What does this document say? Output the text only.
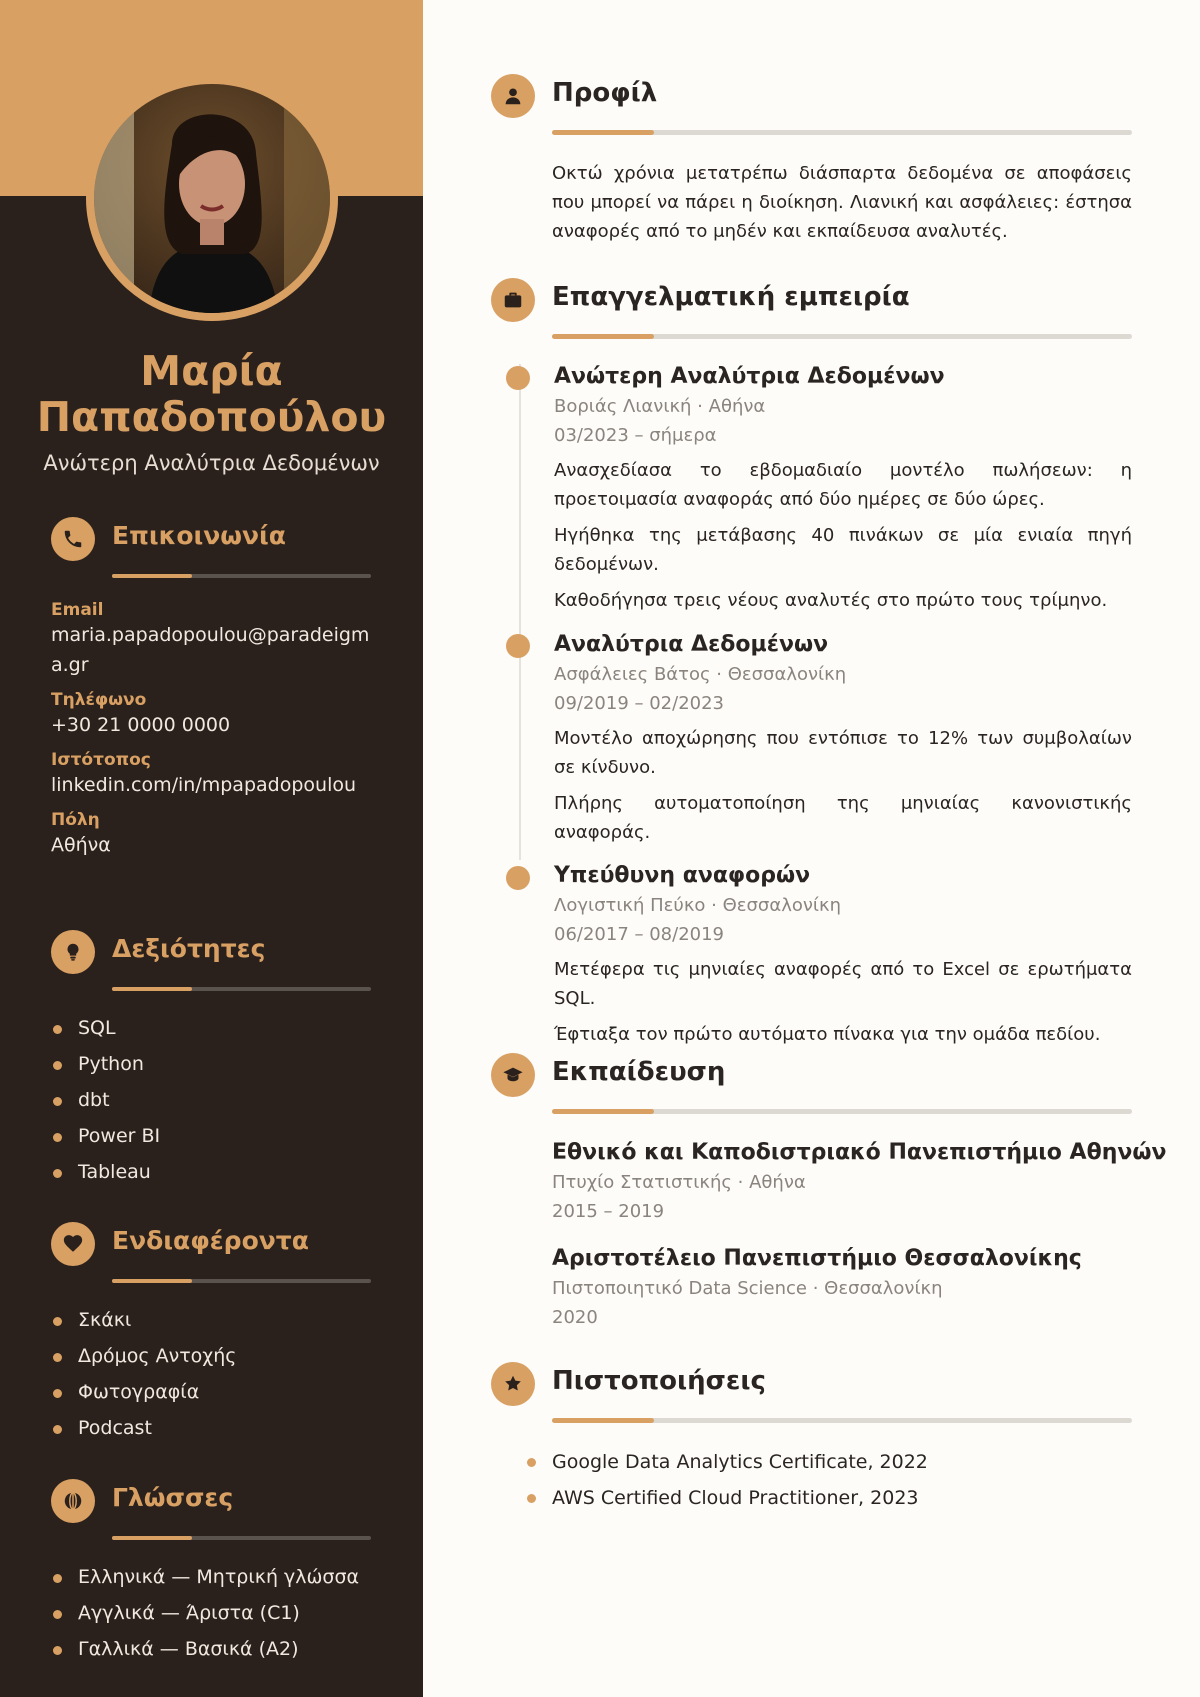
Μαρία
Παπαδοπούλου
Ανώτερη Αναλύτρια Δεδομένων
Επικοινωνία
Email
maria.papadopoulou@paradeigma.gr
Τηλέφωνο
+30 21 0000 0000
Ιστότοπος
linkedin.com/in/mpapadopoulou
Πόλη
Αθήνα
Δεξιότητες
SQL
Python
dbt
Power BI
Tableau
Ενδιαφέροντα
Σκάκι
Δρόμος Αντοχής
Φωτογραφία
Podcast
Γλώσσες
Ελληνικά — Μητρική γλώσσα
Αγγλικά — Άριστα (C1)
Γαλλικά — Βασικά (A2)
Προφίλ
Οκτώ χρόνια μετατρέπω διάσπαρτα δεδομένα σε αποφάσεις που μπορεί να πάρει η διοίκηση. Λιανική και ασφάλειες: έστησα αναφορές από το μηδέν και εκπαίδευσα αναλυτές.
Επαγγελματική εμπειρία
Ανώτερη Αναλύτρια Δεδομένων
Βοριάς Λιανική · Αθήνα
03/2023 – σήμερα
Ανασχεδίασα το εβδομαδιαίο μοντέλο πωλήσεων: η προετοιμασία αναφοράς από δύο ημέρες σε δύο ώρες.
Ηγήθηκα της μετάβασης 40 πινάκων σε μία ενιαία πηγή δεδομένων.
Καθοδήγησα τρεις νέους αναλυτές στο πρώτο τους τρίμηνο.
Αναλύτρια Δεδομένων
Ασφάλειες Βάτος · Θεσσαλονίκη
09/2019 – 02/2023
Μοντέλο αποχώρησης που εντόπισε το 12% των συμβολαίων σε κίνδυνο.
Πλήρης αυτοματοποίηση της μηνιαίας κανονιστικής αναφοράς.
Υπεύθυνη αναφορών
Λογιστική Πεύκο · Θεσσαλονίκη
06/2017 – 08/2019
Μετέφερα τις μηνιαίες αναφορές από το Excel σε ερωτήματα SQL.
Έφτιαξα τον πρώτο αυτόματο πίνακα για την ομάδα πεδίου.
Εκπαίδευση
Εθνικό και Καποδιστριακό Πανεπιστήμιο Αθηνών
Πτυχίο Στατιστικής · Αθήνα
2015 – 2019
Αριστοτέλειο Πανεπιστήμιο Θεσσαλονίκης
Πιστοποιητικό Data Science · Θεσσαλονίκη
2020
Πιστοποιήσεις
Google Data Analytics Certificate, 2022
AWS Certified Cloud Practitioner, 2023
